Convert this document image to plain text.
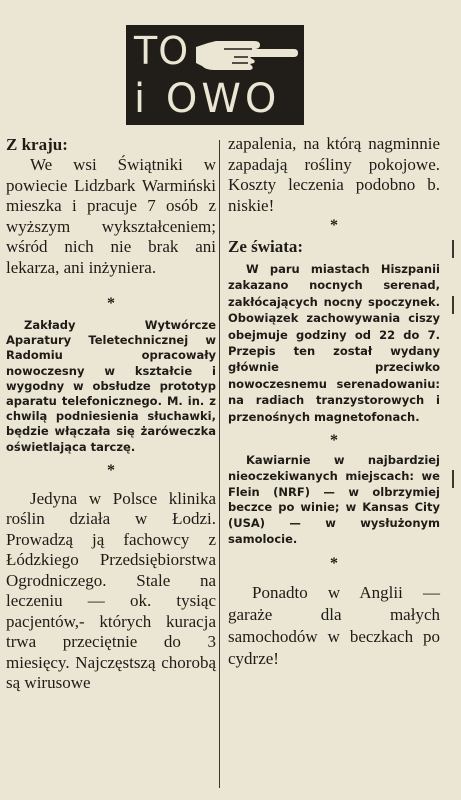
TO
i OWO

Z kraju:

We wsi Świątniki w powiecie Lidzbark Warmiński mieszka i pracuje 7 osób z wyższym wykształceniem; wśród nich nie brak ani lekarza, ani inżyniera.

*

Zakłady Wytwórcze Aparatury Teletechnicznej w Radomiu opracowały nowoczesny w kształcie i wygodny w obsłudze prototyp aparatu telefonicznego. M. in. z chwilą podniesienia słuchawki, będzie włączała się żaróweczka oświetlająca tarczę.

*

Jedyna w Polsce klinika roślin działa w Łodzi. Prowadzą ją fachowcy z Łódzkiego Przedsiębiorstwa Ogrodniczego. Stale na leczeniu — ok. tysiąc pacjentów,- których kuracja trwa przeciętnie do 3 miesięcy. Najczęstszą chorobą są wirusowe

zapalenia, na którą nagminnie zapadają rośliny pokojowe. Koszty leczenia podobno b. niskie!

*

Ze świata:

W paru miastach Hiszpanii zakazano nocnych serenad, zakłócających nocny spoczynek. Obowiązek zachowywania ciszy obejmuje godziny od 22 do 7. Przepis ten został wydany głównie przeciwko nowoczesnemu serenadowaniu: na radiach tranzystorowych i przenośnych magnetofonach.

*

Kawiarnie w najbardziej nieoczekiwanych miejscach: we Flein (NRF) — w olbrzymiej beczce po winie; w Kansas City (USA) — w wysłużonym samolocie.

*

Ponadto w Anglii — garaże dla małych samochodów w beczkach po cydrze!
